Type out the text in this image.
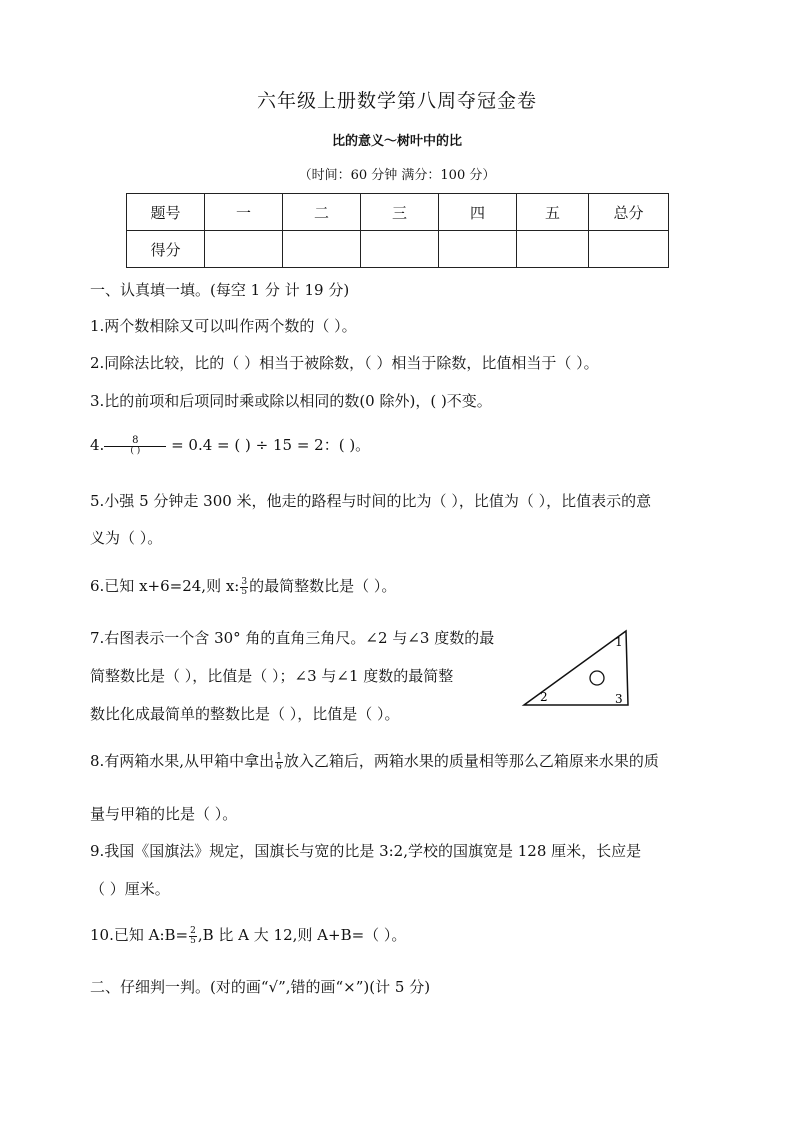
六年级上册数学第八周夺冠金卷
比的意义～树叶中的比
（时间：60 分钟 满分：100 分）
题号	一	二	三	四	五	总分
得分						
一、认真填一填。(每空 1 分 计 19 分)
1.两个数相除又可以叫作两个数的（ ）。
2.同除法比较，比的（ ）相当于被除数，（ ）相当于除数，比值相当于（ ）。
3.比的前项和后项同时乘或除以相同的数(0 除外)，( )不变。
4.	8
( )	= 0.4 = ( ) ÷ 15 = 2：( )。
5.小强 5 分钟走 300 米，他走的路程与时间的比为（ ），比值为（ ），比值表示的意
义为（ ）。
6.已知 x+6=24,则 x: $\frac{3}{5}$ 的最简整数比是（ ）。
7.右图表示一个含 30° 角的直角三角尺。∠2 与∠3 度数的最
简整数比是（ ），比值是（ ）；∠3 与∠1 度数的最简整
数比化成最简单的整数比是（ ），比值是（ ）。
1
2	3
8.有两箱水果,从甲箱中拿出 $\frac{1}{6}$ 放入乙箱后，两箱水果的质量相等那么乙箱原来水果的质
量与甲箱的比是（ ）。
9.我国《国旗法》规定，国旗长与宽的比是 3:2,学校的国旗宽是 128 厘米，长应是
（ ）厘米。
10.已知 A:B= $\frac{2}{5} ,B$ 比 A 大 12,则 A+B=（ ）。
二、仔细判一判。(对的画“√”,错的画“×”)(计 5 分)
